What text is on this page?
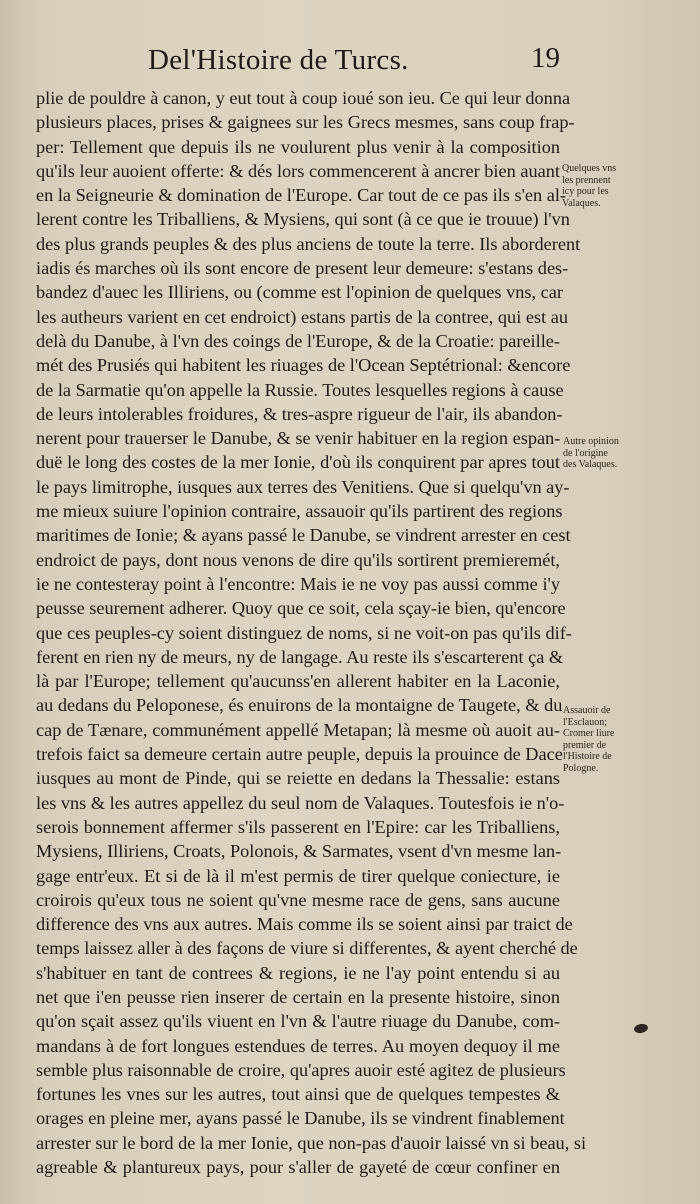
Del'Histoire de Turcs.	19
plie de pouldre à canon, y eut tout à coup ioué son ieu. Ce qui leur donna
plusieurs places, prises & gaignees sur les Grecs mesmes, sans coup frap-
per: Tellement que depuis ils ne voulurent plus venir à la composition
qu'ils leur auoient offerte: & dés lors commencerent à ancrer bien auant
en la Seigneurie & domination de l'Europe. Car tout de ce pas ils s'en al-
lerent contre les Triballiens, & Mysiens, qui sont (à ce que ie trouue) l'vn
des plus grands peuples & des plus anciens de toute la terre. Ils aborderent
iadis és marches où ils sont encore de present leur demeure: s'estans des-
bandez d'auec les Illiriens, ou (comme est l'opinion de quelques vns, car
les autheurs varient en cet endroict) estans partis de la contree, qui est au
delà du Danube, à l'vn des coings de l'Europe, & de la Croatie: pareille-
mét des Prusiés qui habitent les riuages de l'Ocean Septétrional: &encore
de la Sarmatie qu'on appelle la Russie. Toutes lesquelles regions à cause
de leurs intolerables froidures, & tres-aspre rigueur de l'air, ils abandon-
nerent pour trauerser le Danube, & se venir habituer en la region espan-
duë le long des costes de la mer Ionie, d'où ils conquirent par apres tout
le pays limitrophe, iusques aux terres des Venitiens. Que si quelqu'vn ay-
me mieux suiure l'opinion contraire, assauoir qu'ils partirent des regions
maritimes de Ionie; & ayans passé le Danube, se vindrent arrester en cest
endroict de pays, dont nous venons de dire qu'ils sortirent premieremét,
ie ne contesteray point à l'encontre: Mais ie ne voy pas aussi comme i'y
peusse seurement adherer. Quoy que ce soit, cela sçay-ie bien, qu'encore
que ces peuples-cy soient distinguez de noms, si ne voit-on pas qu'ils dif-
ferent en rien ny de meurs, ny de langage. Au reste ils s'escarterent ça &
là par l'Europe; tellement qu'aucunss'en allerent habiter en la Laconie,
au dedans du Peloponese, és enuirons de la montaigne de Taugete, & du
cap de Tænare, communément appellé Metapan; là mesme où auoit au-
trefois faict sa demeure certain autre peuple, depuis la prouince de Dace
iusques au mont de Pinde, qui se reiette en dedans la Thessalie: estans
les vns & les autres appellez du seul nom de Valaques. Toutesfois ie n'o-
serois bonnement affermer s'ils passerent en l'Epire: car les Triballiens,
Mysiens, Illiriens, Croats, Polonois, & Sarmates, vsent d'vn mesme lan-
gage entr'eux. Et si de là il m'est permis de tirer quelque coniecture, ie
croirois qu'eux tous ne soient qu'vne mesme race de gens, sans aucune
difference des vns aux autres. Mais comme ils se soient ainsi par traict de
temps laissez aller à des façons de viure si differentes, & ayent cherché de
s'habituer en tant de contrees & regions, ie ne l'ay point entendu si au
net que i'en peusse rien inserer de certain en la presente histoire, sinon
qu'on sçait assez qu'ils viuent en l'vn & l'autre riuage du Danube, com-
mandans à de fort longues estendues de terres. Au moyen dequoy il me
semble plus raisonnable de croire, qu'apres auoir esté agitez de plusieurs
fortunes les vnes sur les autres, tout ainsi que de quelques tempestes &
orages en pleine mer, ayans passé le Danube, ils se vindrent finablement
arrester sur le bord de la mer Ionie, que non-pas d'auoir laissé vn si beau, si
agreable & plantureux pays, pour s'aller de gayeté de cœur confiner en
Quelques vns
les prennent
icy pour les
Valaques.
Autre opinion
de l'origine
des Valaques.
Assauoir de
l'Esclauon;
Cromer liure
premier de
l'Histoire de
Pologne.
